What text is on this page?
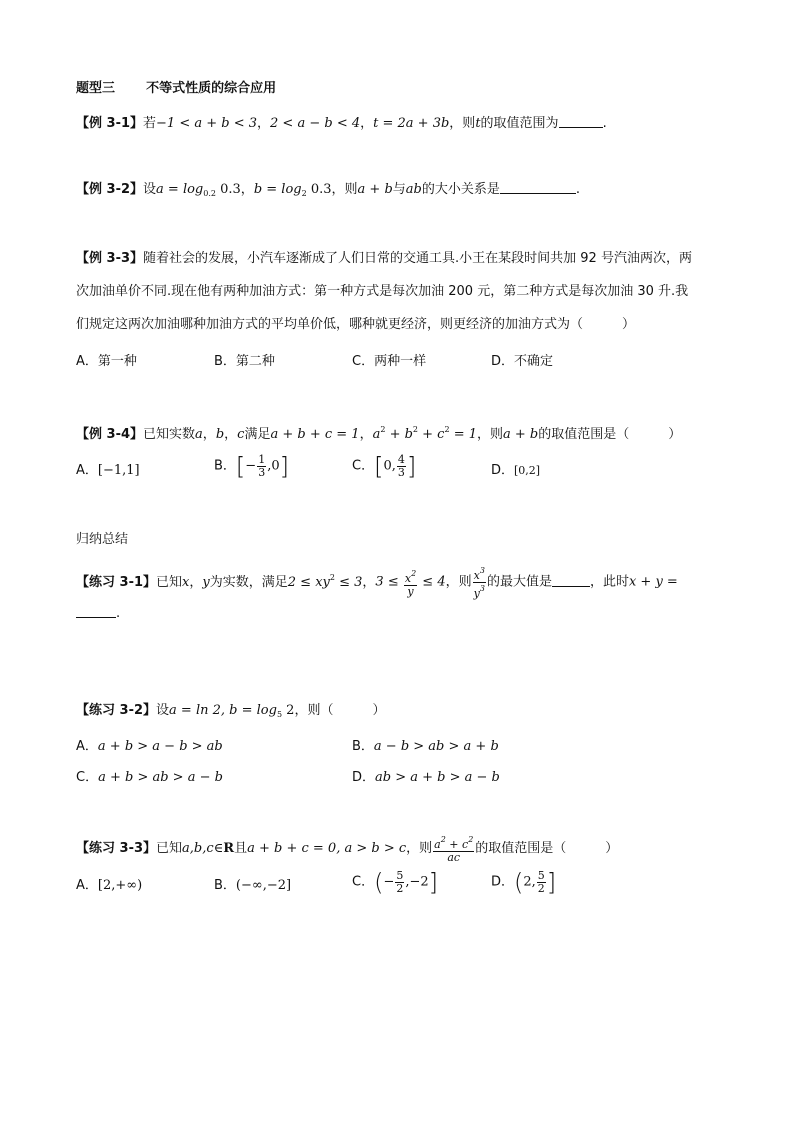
题型三 不等式性质的综合应用
【例 3-1】若−1 < a + b < 3，2 < a − b < 4，t = 2a + 3b，则t的取值范围为	.
【例 3-2】设$a = \log_{0.2} 0.3$，$b = \log_2 0.3$，则a + b与ab的大小关系是	.
【例 3-3】随着社会的发展，小汽车逐渐成了人们日常的交通工具.小王在某段时间共加 92 号汽油两次，两
次加油单价不同.现在他有两种加油方式：第一种方式是每次加油 200 元，第二种方式是每次加油 30 升.我
们规定这两次加油哪种加油方式的平均单价低，哪种就更经济，则更经济的加油方式为（　　　）
A．第一种	B．第二种	C．两种一样	D．不确定
【例 3-4】已知实数a，b，c满足a + b + c = 1，$a^2 + b^2 + c^2 = 1$，则a + b的取值范围是（　　　）
A．[−1,1]	B．[− $\frac{1}{3} ,0$]	C．[0, $\frac{4}{3}$ ]	D．[0,2]
归纳总结
【练习 3-1】已知x，y为实数，满足$2 \le xy^2 \le 3$，$3 \le \frac{x^2}{y} \le 4$，则 $\frac{x^3}{y^3}$ 的最大值是	，此时x + y =
.
【练习 3-2】设a = ln 2, $b = \log_5 2$，则（　　　）
A．a + b > a − b > ab	B．a − b > ab > a + b
C．a + b > ab > a − b	D．ab > a + b > a − b
【练习 3-3】已知a,b,c∈R且a + b + c = 0, a > b > c，则 $\frac{a^2 + c^2}{ac}$ 的取值范围是（　　　）
A．[2,+∞)	B．(−∞,−2]	C．(− $\frac{5}{2} ,-2$]	D．(2, $\frac{5}{2}$ ]
